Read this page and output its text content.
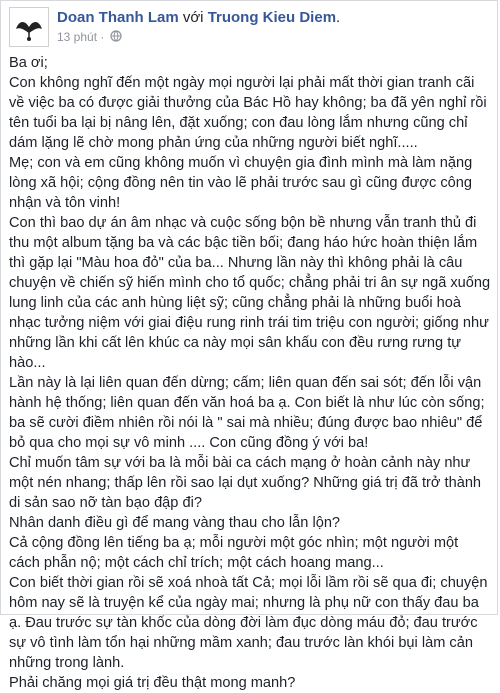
Doan Thanh Lam với Truong Kieu Diem.
13 phút ·

Ba ơi;

Con không nghĩ đến một ngày mọi người lại phải mất thời gian tranh cãi về việc ba có được giải thưởng của Bác Hồ hay không; ba đã yên nghỉ rồi tên tuổi ba lại bị nâng lên, đặt xuống; con đau lòng lắm nhưng cũng chỉ dám lặng lẽ chờ mong phản ứng của những người biết nghĩ.....

Mẹ; con và em cũng không muốn vì chuyện gia đình mình mà làm nặng lòng xã hội; cộng đồng nên tin vào lẽ phải trước sau gì cũng được công nhận và tôn vinh!

Con thì bao dự án âm nhạc và cuộc sống bộn bề nhưng vẫn tranh thủ đi thu một album tặng ba và các bậc tiền bối; đang háo hức hoàn thiện lắm thì gặp lại "Màu hoa đỏ" của ba... Nhưng lần này thì không phải là câu chuyện về chiến sỹ hiến mình cho tổ quốc; chẳng phải tri ân sự ngã xuống lung linh của các anh hùng liệt sỹ; cũng chẳng phải là những buổi hoà nhạc tưởng niệm với giai điệu rung rinh trái tim triệu con người; giống như những lần khi cất lên khúc ca này mọi sân khấu con đều rưng rưng tự hào...

Lần này là lại liên quan đến dừng; cấm; liên quan đến sai sót; đến lỗi vận hành hệ thống; liên quan đến văn hoá ba ạ. Con biết là như lúc còn sống; ba sẽ cười điềm nhiên rồi nói là " sai mà nhiều; đúng được bao nhiêu" để bỏ qua cho mọi sự vô minh .... Con cũng đồng ý với ba!

Chỉ muốn tâm sự với ba là mỗi bài ca cách mạng ở hoàn cảnh này như một nén nhang; thấp lên rồi sao lại dụt xuống? Những giá trị đã trở thành di sản sao nỡ tàn bạo đập đi?

Nhân danh điều gì để mang vàng thau cho lẫn lộn?

Cả cộng đồng lên tiếng ba ạ; mỗi người một góc nhìn; một người một cách phẫn nộ; một cách chỉ trích; một cách hoang mang...

Con biết thời gian rồi sẽ xoá nhoà tất Cả; mọi lỗi lầm rồi sẽ qua đi; chuyện hôm nay sẽ là truyện kể của ngày mai; nhưng là phụ nữ con thấy đau ba ạ. Đau trước sự tàn khốc của dòng đời làm đục dòng máu đỏ; đau trước sự vô tình làm tổn hại những mầm xanh; đau trước làn khói bụi làm cản những trong lành.

Phải chăng mọi giá trị đều thật mong manh?
